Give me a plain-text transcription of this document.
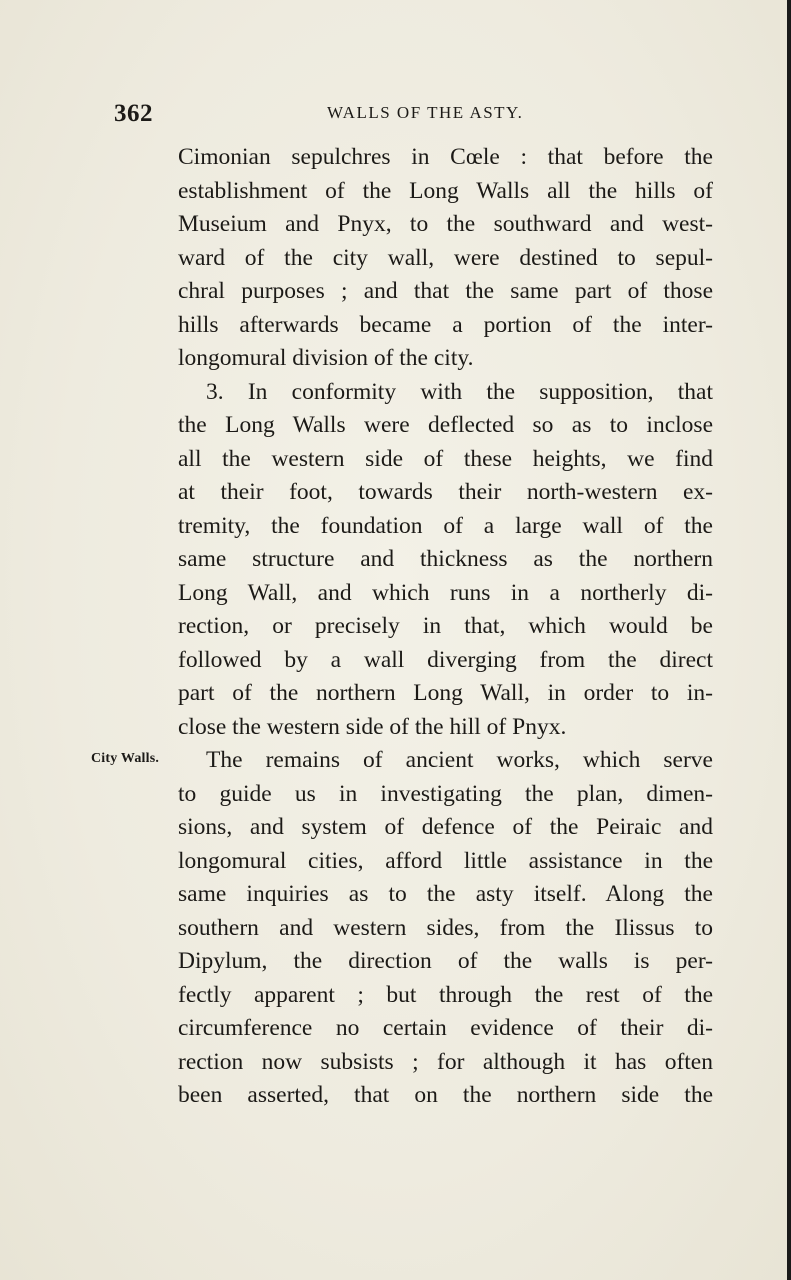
362	WALLS OF THE ASTY.
City Walls.
Cimonian sepulchres in Cœle : that before the
establishment of the Long Walls all the hills of
Museium and Pnyx, to the southward and west-
ward of the city wall, were destined to sepul-
chral purposes ; and that the same part of those
hills afterwards became a portion of the inter-
longomural division of the city.
3. In conformity with the supposition, that
the Long Walls were deflected so as to inclose
all the western side of these heights, we find
at their foot, towards their north-western ex-
tremity, the foundation of a large wall of the
same structure and thickness as the northern
Long Wall, and which runs in a northerly di-
rection, or precisely in that, which would be
followed by a wall diverging from the direct
part of the northern Long Wall, in order to in-
close the western side of the hill of Pnyx.
The remains of ancient works, which serve
to guide us in investigating the plan, dimen-
sions, and system of defence of the Peiraic and
longomural cities, afford little assistance in the
same inquiries as to the asty itself. Along the
southern and western sides, from the Ilissus to
Dipylum, the direction of the walls is per-
fectly apparent ; but through the rest of the
circumference no certain evidence of their di-
rection now subsists ; for although it has often
been asserted, that on the northern side the
